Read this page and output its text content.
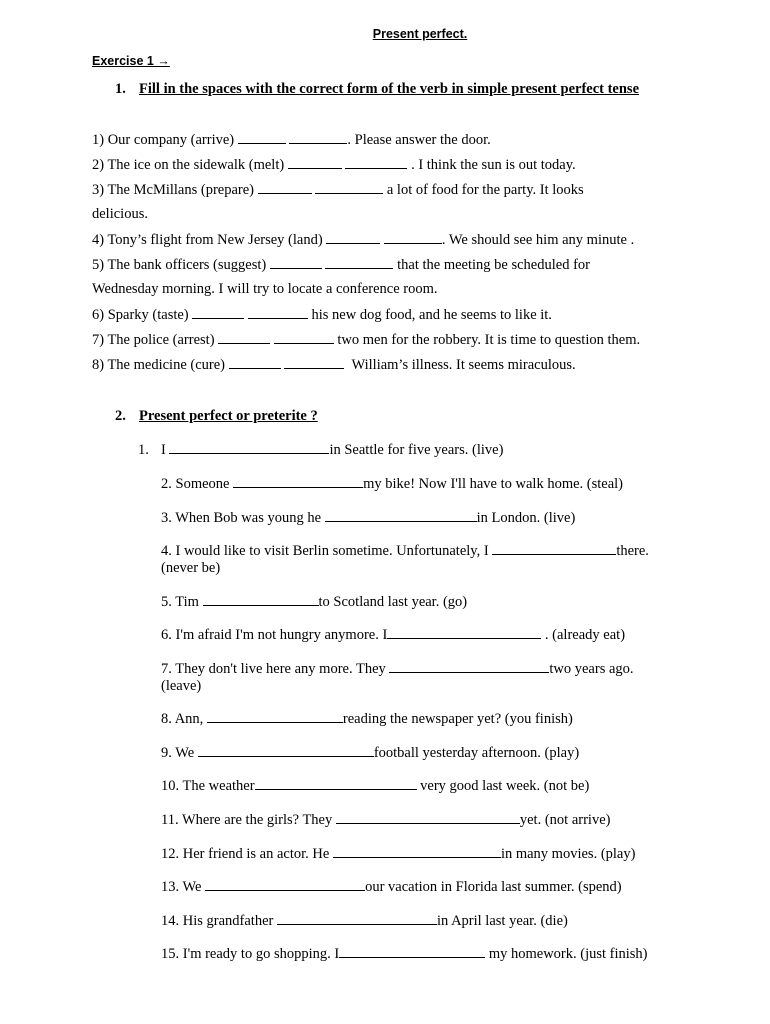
Present perfect.
Exercise 1 →
1. Fill in the spaces with the correct form of the verb in simple present perfect tense
1) Our company (arrive)	. Please answer the door.
2) The ice on the sidewalk (melt)	. I think the sun is out today.
3) The McMillans (prepare)	a lot of food for the party. It looks
delicious.
4) Tony’s flight from New Jersey (land)	. We should see him any minute .
5) The bank officers (suggest)	that the meeting be scheduled for
Wednesday morning. I will try to locate a conference room.
6) Sparky (taste)	his new dog food, and he seems to like it.
7) The police (arrest)	two men for the robbery. It is time to question them.
8) The medicine (cure)	William’s illness. It seems miraculous.
2. Present perfect or preterite ?
1. I	in Seattle for five years. (live)
2. Someone	my bike! Now I'll have to walk home. (steal)
3. When Bob was young he	in London. (live)
4. I would like to visit Berlin sometime. Unfortunately, I	there.
(never be)
5. Tim	to Scotland last year. (go)
6. I'm afraid I'm not hungry anymore. I	. (already eat)
7. They don't live here any more. They	two years ago.
(leave)
8. Ann,	reading the newspaper yet? (you finish)
9. We	football yesterday afternoon. (play)
10. The weather	very good last week. (not be)
11. Where are the girls? They	yet. (not arrive)
12. Her friend is an actor. He	in many movies. (play)
13. We	our vacation in Florida last summer. (spend)
14. His grandfather	in April last year. (die)
15. I'm ready to go shopping. I	my homework. (just finish)
